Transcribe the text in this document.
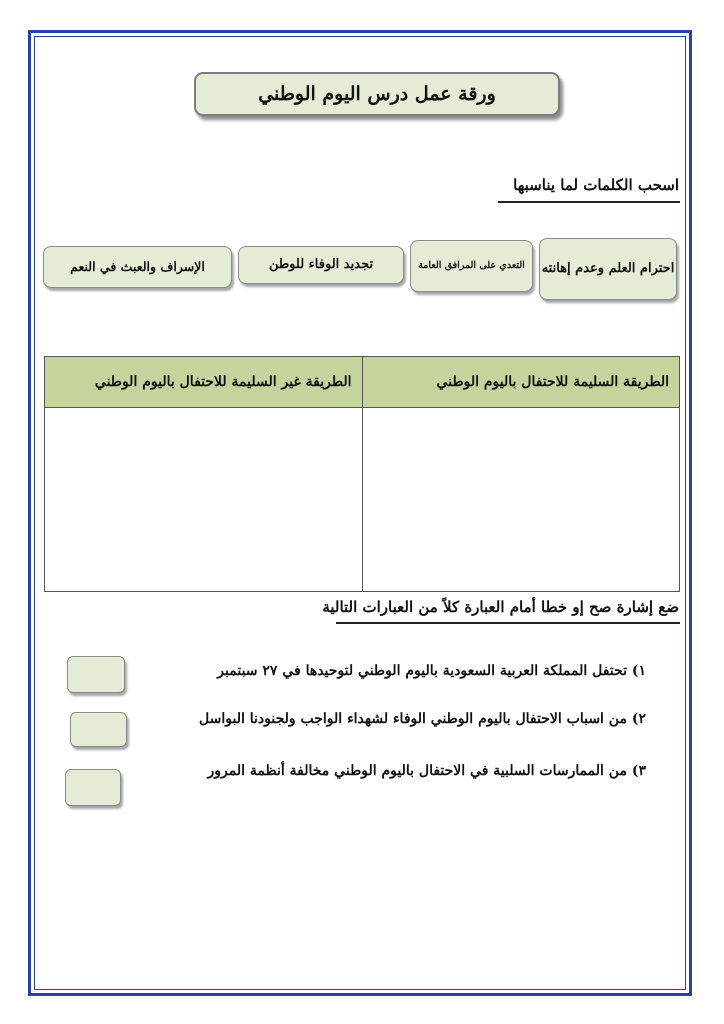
ورقة عمل درس اليوم الوطني
اسحب الكلمات لما يناسبها
احترام العلم وعدم إهانته
التعدي على المرافق العامة
تجديد الوفاء للوطن
الإسراف والعبث في النعم
الطريقة السليمة للاحتفال باليوم الوطني	الطريقة غير السليمة للاحتفال باليوم الوطني

ضع إشارة صح إو خطا أمام العبارة كلاً من العبارات التالية
١) تحتفل المملكة العربية السعودية باليوم الوطني لتوحيدها في ٢٧ سبتمبر
٢) من اسباب الاحتفال باليوم الوطني الوفاء لشهداء الواجب ولجنودنا البواسل
٣) من الممارسات السلبية في الاحتفال باليوم الوطني مخالفة أنظمة المرور
